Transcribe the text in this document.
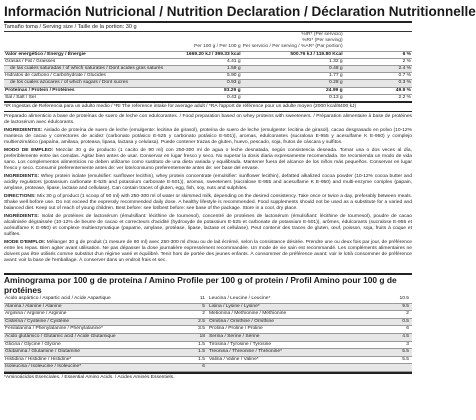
Información Nutricional / Nutrition Declaration / Déclaration Nutritionnelle
Tamaño toma / Serving size / Taille de la portion: 30 g
		%IR* (Per servicio)	
		%RI* (Per serving)	
	Per 100 g / Per 100 g	Per servicio / Per serving / %AR* (Par portion)	
Valor energético / Energy / Énergie	1669.20 kJ / 399.33 kcal	500.76 kJ / 119.80 Kcal	6 %
Grasas / Fat / Graisses	4.41 g	1.32 g	2 %
de las cuales saturadas / of which saturates / Dont acides gras saturés	1.59 g	0.48 g	2.4 %
Hidratos de carbono / Carbohydrate / Glucides	5.90 g	1.77 g	0.7 %
de los cuales azúcares / of which sugars / Dont sucres	0.93 g	0.28 g	0.3 %
Proteínas / Protein / Protéines	83.29 g	24.99 g	49.9 %
Sal / Salt / Sel	0.43 g	0.13 g	2.2 %
*IR Ingestas de Referencia para un adulto medio / *RI The reference intake for average adult / *RA l'apport de référence pour un adulte moyen (2000 kcal/8400 kJ)
Preparado alimenticio a base de proteínas de suero de leche con edulcorantes. / Food preparation based on whey proteins with sweeteners. / Préparation alimentaire à base de protéines de lactosérum avec édulcorants.
INGREDIENTES: Aislado de proteína de suero de leche (emulgente: lecitina de girasol), proteína de suero de leche (emulgente: lecitina de girasol), cacao desgrasado en polvo (10-12% manteca de cacao y correctores de acidez (carbonato potásico E-525 y carbonato potásico E-501)), aromas, edulcorantes (sucralosa E-955 y acesulfame K E-950) y complejo multienzimático (papaína, amilasa, proteasa, lipasa, lactasa y celulasa). Puede contener trazas de gluten, huevo, pescado, soja, frutos de cáscara y sulfitos.
MODO DE EMPLEO: Mezclar 30 g de producto (1 cacito de 90 ml) con 250-300 ml de agua o leche desnatada, según consistencia deseada. Tomar una o dos veces al día, preferiblemente entre las comidas. Agitar bien antes de usar. Conservar en lugar fresco y seco. No superar la dosis diaria expresamente recomendada. Se recomienda un modo de vida sano. Los complementos alimenticios no deben utilizarse como sustituto de una dieta variada y equilibrada. Mantener fuera del alcance de los niños más pequeños. Conservar en lugar fresco y seco. Consumir preferentemente antes de: ver lote/consumo preferentemente antes de: ver base del envase.
INGREDIENTS: Whey protein isolate (emulsifier: sunflower lecithin), whey protein concentrate (emulsifier: sunflower lecithin), defatted alkalized cocoa powder (10-12% cocoa butter and acidity regulators (potassium carbonate E-525 and potassium carbonate E-501)), aromas, sweeteners (sucralose E-955 and acesulfame K E-950) and multi-enzyme complex (papain, amylase, protease, lipase, lactase and cellulase). Can contain traces of gluten, egg, fish, soy, nuts and sulphites.
DIRECTIONS: Mix 30 g of product (1 scoop of 90 ml) with 250-300 ml of water or skimmed milk, depending on the desired consistency. Take once or twice a day, preferably between meals. Shake well before use. Do not exceed the expressly recommended daily dose. A healthy lifestyle is recommended. Food supplements should not be used as a substitute for a varied and balanced diet. Keep out of reach of young children. Best before: see lot/best before: see base of the package. Store in a cool, dry place.
INGRÉDIENTS: Isolat de protéines de lactosérum (émulsifiant: lécithine de tournesol), concentré de protéines de lactosérum (émulsifiant: lécithine de tournesol), poudre de cacao alcalinisée dégraissée (10-12% de beurre de cacao et correcteurs d'acidité (hydroxyde de potassium E-525 et carbonate de potassium E-501)), arômes, édulcorants (sucralose E-955 et acésulfame K E-950) et complexe multienzymatique (papaïne, amylase, protéase, lipase, lactase et cellulase). Peut contenir des traces de gluten, œuf, poisson, soja, fruits à coque et sulfites.
MODE D'EMPLOI: Mélanger 30 g de produit (1 mesure de 90 ml) avec 250-300 ml d'eau ou de lait écrémé, selon la consistance désirée. Prendre une ou deux fois par jour, de préférence entre les repas. Bien agiter avant utilisation. Ne pas dépasser la dose journalière expressément recommandée. Un mode de vie sain est recommandé. Les compléments alimentaires ne doivent pas être utilisés comme substitut d'un régime varié et équilibré. Tenir hors de portée des jeunes enfants. À consommer de préférence avant: voir le lot/à consommer de préférence avant: voir la base de l'emballage. À conserver dans un endroit frais et sec.
Aminograma por 100 g de proteína / Amino Profile per 100 g of protein / Profil Amino pour 100 g de protéines
Ácido aspártico / Aspartic acid / Acide Aspartique	11	Leucina / Leucine / Leucine*	10.5
Alanina / Alanine / Alanine	5	Lisina / Lysine / Lysine*	9.5
Arginina / Arginine / Arginine	2	Metionina / Methionine / Méthionine	2
Cisteína / Cysteine / Cystéine	2.5	Ornitina / Ornithine / Ornithine	0.5
Fenilalanina / Phenylalanine / Phénylalanine*	3.5	Prolina / Proline / Proline	6
Ácido glutámico / Glutamic acid / Acide Glutamique	18	Serina / Serine / Sérine	4.5
Glicina / Glycine / Glycine	1.5	Tirosina / Tyrosine / Tyrosine	3
Glutamina / Glutamine / Glutamine	1.5	Treonina / Threonine / Thréonine*	5.5
Histidina / Histidine / Histidine*	1.5	Valina / Valine / Valine*	5.5
Isoleucina / Isoleucine / Isoleucine*	6		
*Aminoácidos Esenciales. / Essential Amino Acids. / Acides Aminés Essentiels.
